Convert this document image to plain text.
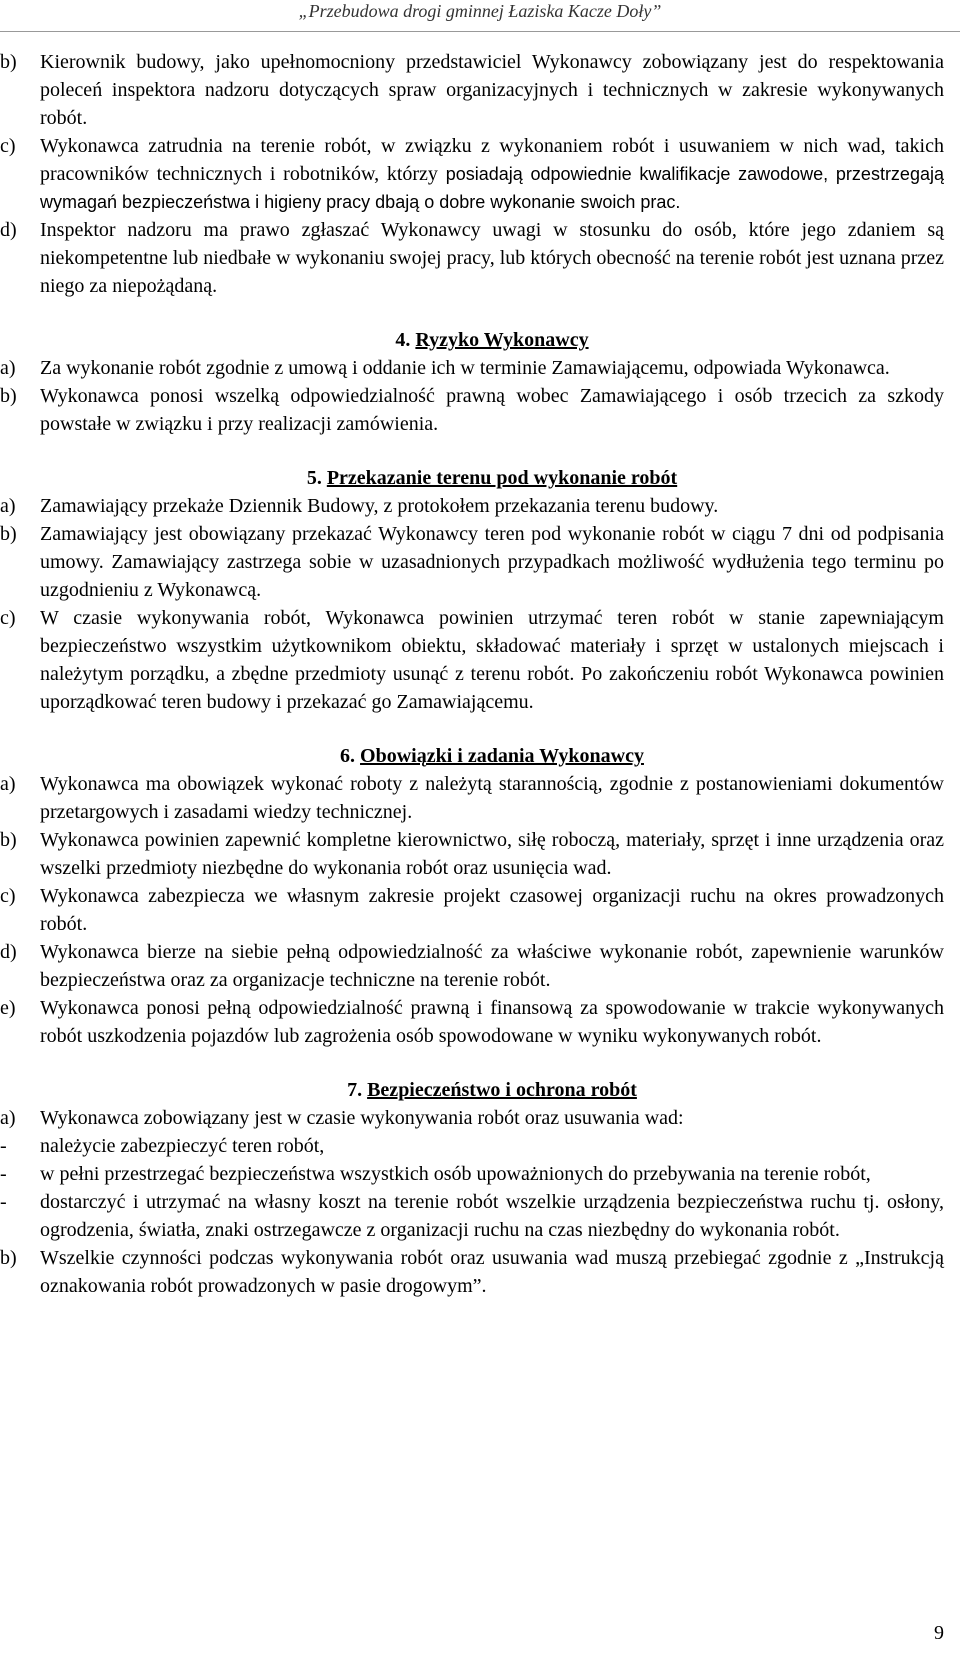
„Przebudowa drogi gminnej Łaziska Kacze Doły”

b)	Kierownik budowy, jako upełnomocniony przedstawiciel Wykonawcy zobowiązany jest do respektowania poleceń inspektora nadzoru dotyczących spraw organizacyjnych i technicznych w zakresie wykonywanych robót.

c)	Wykonawca zatrudnia na terenie robót, w związku z wykonaniem robót i usuwaniem w nich wad, takich pracowników technicznych i robotników, którzy posiadają odpowiednie kwalifikacje zawodowe, przestrzegają wymagań bezpieczeństwa i higieny pracy dbają o dobre wykonanie swoich prac.

d)	Inspektor nadzoru ma prawo zgłaszać Wykonawcy uwagi w stosunku do osób, które jego zdaniem są niekompetentne lub niedbałe w wykonaniu swojej pracy, lub których obecność na terenie robót jest uznana przez niego za niepożądaną.

4. Ryzyko Wykonawcy

a)	Za wykonanie robót zgodnie z umową i oddanie ich w terminie Zamawiającemu, odpowiada Wykonawca.

b)	Wykonawca ponosi wszelką odpowiedzialność prawną wobec Zamawiającego i osób trzecich za szkody powstałe w związku i przy realizacji zamówienia.

5. Przekazanie terenu pod wykonanie robót

a)	Zamawiający przekaże Dziennik Budowy, z protokołem przekazania terenu budowy.

b)	Zamawiający jest obowiązany przekazać Wykonawcy teren pod wykonanie robót w ciągu 7 dni od podpisania umowy. Zamawiający zastrzega sobie w uzasadnionych przypadkach możliwość wydłużenia tego terminu po uzgodnieniu z Wykonawcą.

c)	W czasie wykonywania robót, Wykonawca powinien utrzymać teren robót w stanie zapewniającym bezpieczeństwo wszystkim użytkownikom obiektu, składować materiały i sprzęt w ustalonych miejscach i należytym porządku, a zbędne przedmioty usunąć z terenu robót. Po zakończeniu robót Wykonawca powinien uporządkować teren budowy i przekazać go Zamawiającemu.

6. Obowiązki i zadania Wykonawcy

a)	Wykonawca ma obowiązek wykonać roboty z należytą starannością, zgodnie z postanowieniami dokumentów przetargowych i zasadami wiedzy technicznej.

b)	Wykonawca powinien zapewnić kompletne kierownictwo, siłę roboczą, materiały, sprzęt i inne urządzenia oraz wszelki przedmioty niezbędne do wykonania robót oraz usunięcia wad.

c)	Wykonawca zabezpiecza we własnym zakresie projekt czasowej organizacji ruchu na okres prowadzonych robót.

d)	Wykonawca bierze na siebie pełną odpowiedzialność za właściwe wykonanie robót, zapewnienie warunków bezpieczeństwa oraz za organizacje techniczne na terenie robót.

e)	Wykonawca ponosi pełną odpowiedzialność prawną i finansową za spowodowanie w trakcie wykonywanych robót uszkodzenia pojazdów lub zagrożenia osób spowodowane w wyniku wykonywanych robót.

7. Bezpieczeństwo i ochrona robót

a)	Wykonawca zobowiązany jest w czasie wykonywania robót oraz usuwania wad:

-	należycie zabezpieczyć teren robót,

-	w pełni przestrzegać bezpieczeństwa wszystkich osób upoważnionych do przebywania na terenie robót,

-	dostarczyć i utrzymać na własny koszt na terenie robót wszelkie urządzenia bezpieczeństwa ruchu tj. osłony, ogrodzenia, światła, znaki ostrzegawcze z organizacji ruchu na czas niezbędny do wykonania robót.

b)	Wszelkie czynności podczas wykonywania robót oraz usuwania wad muszą przebiegać zgodnie z „Instrukcją oznakowania robót prowadzonych w pasie drogowym”.

9
